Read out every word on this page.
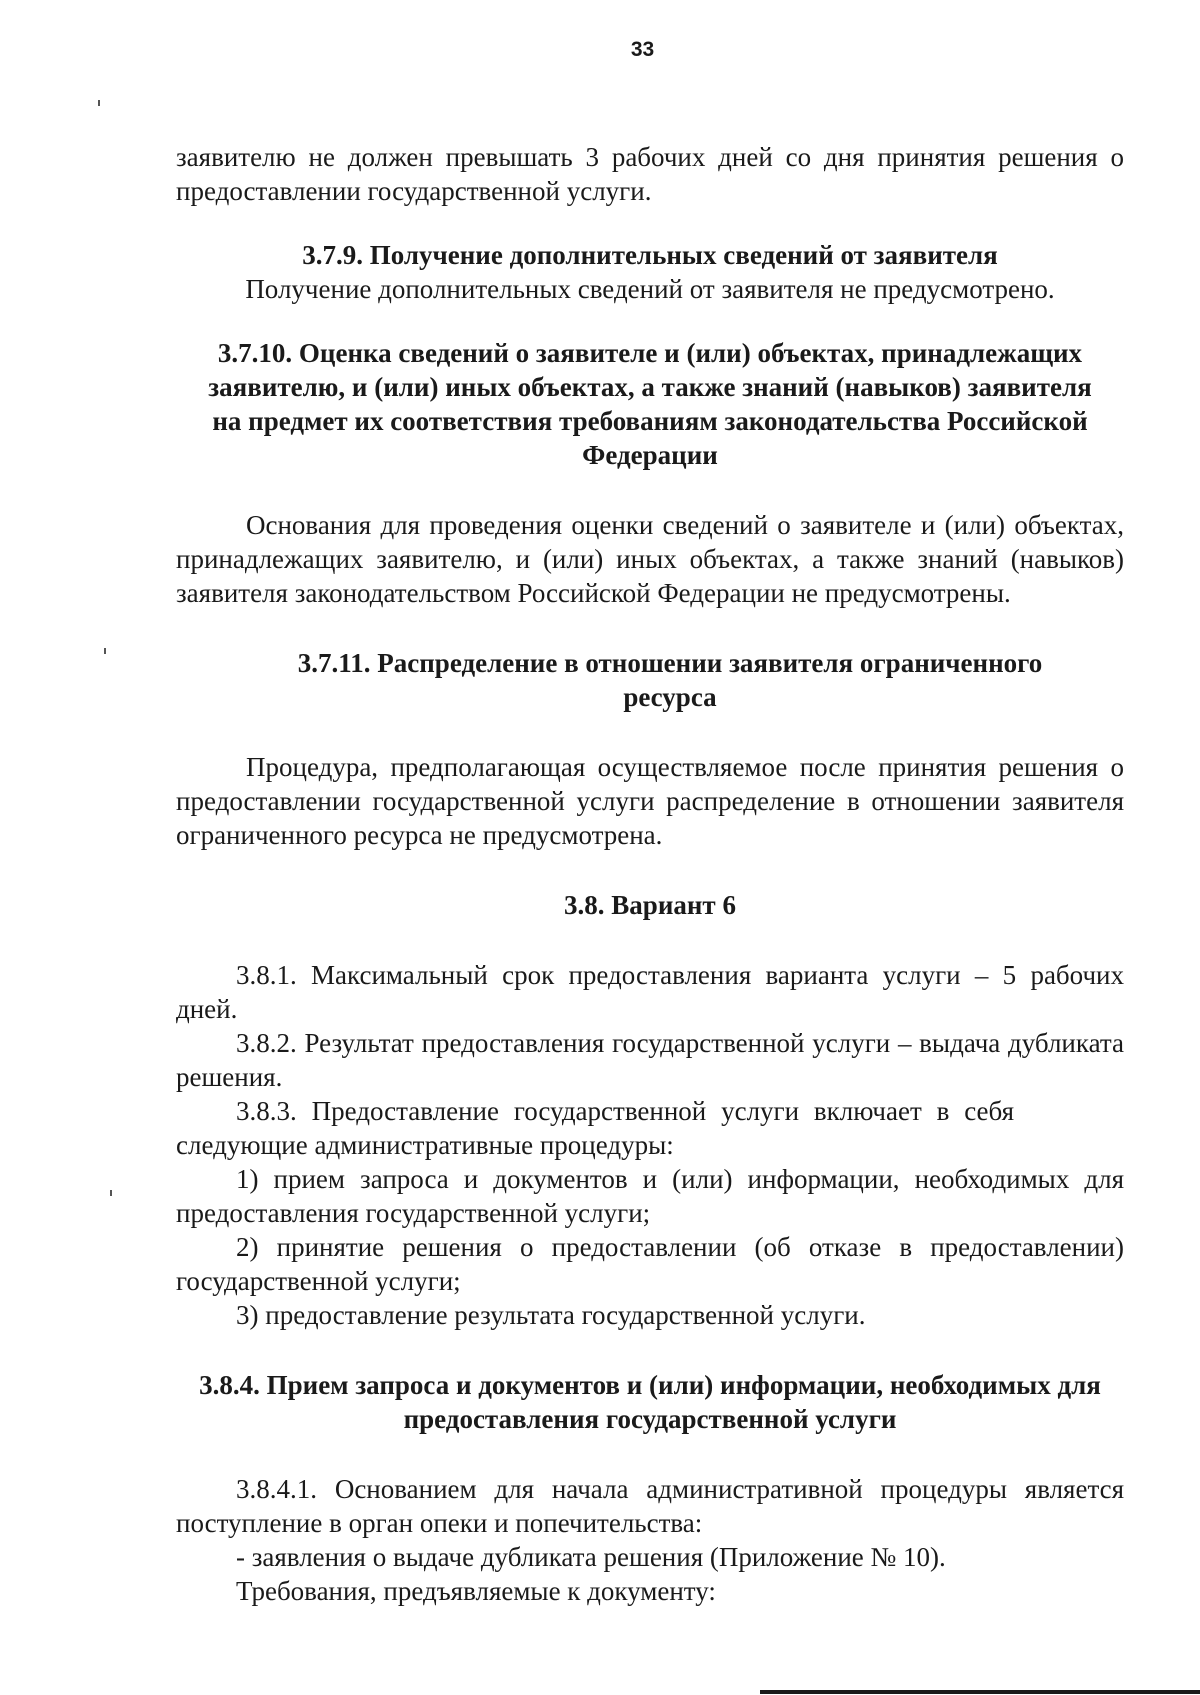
33

заявителю не должен превышать 3 рабочих дней со дня принятия решения о предоставлении государственной услуги.

3.7.9. Получение дополнительных сведений от заявителя

Получение дополнительных сведений от заявителя не предусмотрено.

3.7.10. Оценка сведений о заявителе и (или) объектах, принадлежащих заявителю, и (или) иных объектах, а также знаний (навыков) заявителя на предмет их соответствия требованиям законодательства Российской Федерации

Основания для проведения оценки сведений о заявителе и (или) объектах, принадлежащих заявителю, и (или) иных объектах, а также знаний (навыков) заявителя законодательством Российской Федерации не предусмотрены.

3.7.11. Распределение в отношении заявителя ограниченного ресурса

Процедура, предполагающая осуществляемое после принятия решения о предоставлении государственной услуги распределение в отношении заявителя ограниченного ресурса не предусмотрена.

3.8. Вариант 6

3.8.1. Максимальный срок предоставления варианта услуги – 5 рабочих дней.

3.8.2. Результат предоставления государственной услуги – выдача дубликата решения.

3.8.3. Предоставление государственной услуги включает в себя следующие административные процедуры:

1) прием запроса и документов и (или) информации, необходимых для предоставления государственной услуги;

2) принятие решения о предоставлении (об отказе в предоставлении) государственной услуги;

3) предоставление результата государственной услуги.

3.8.4. Прием запроса и документов и (или) информации, необходимых для предоставления государственной услуги

3.8.4.1. Основанием для начала административной процедуры является поступление в орган опеки и попечительства:

- заявления о выдаче дубликата решения (Приложение № 10).

Требования, предъявляемые к документу:
